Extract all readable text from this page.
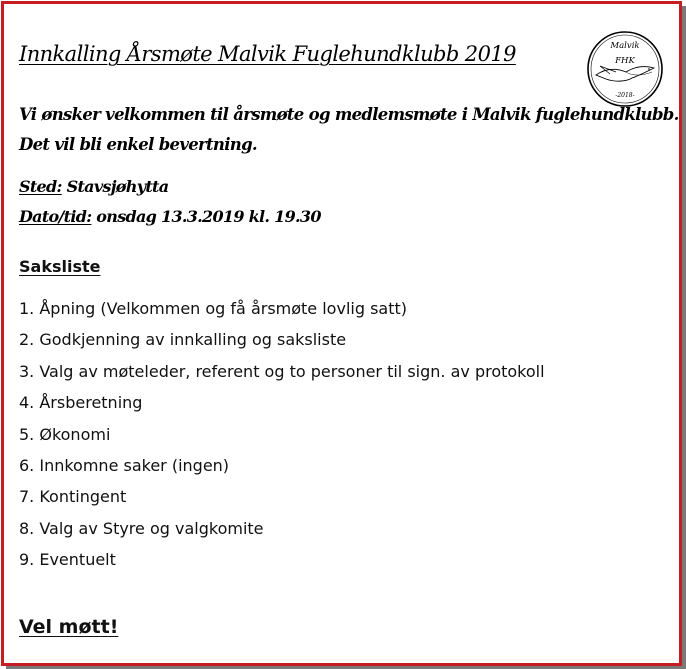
Innkalling Årsmøte Malvik Fuglehundklubb 2019	Malvik
FHK
-2018-

Vi ønsker velkommen til årsmøte og medlemsmøte i Malvik fuglehundklubb.
Det vil bli enkel bevertning.

Sted: Stavsjøhytta
Dato/tid: onsdag 13.3.2019 kl. 19.30
Saksliste
1. Åpning (Velkommen og få årsmøte lovlig satt)
2. Godkjenning av innkalling og saksliste
3. Valg av møteleder, referent og to personer til sign. av protokoll
4. Årsberetning
5. Økonomi
6. Innkomne saker (ingen)
7. Kontingent
8. Valg av Styre og valgkomite
9. Eventuelt
Vel møtt!
